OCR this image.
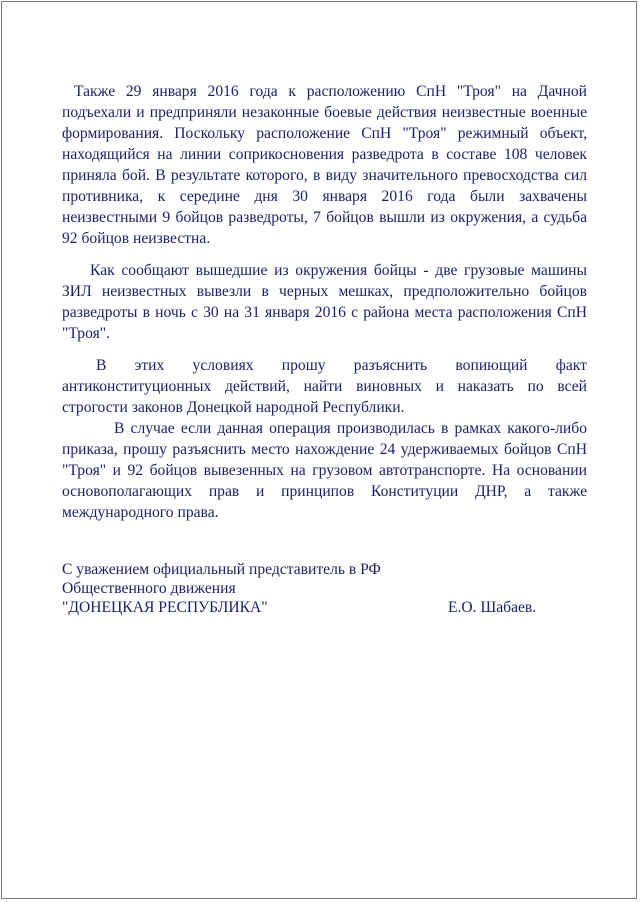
Также 29 января 2016 года к расположению СпН "Троя" на Дачной подъехали и предприняли незаконные боевые действия неизвестные военные формирования. Поскольку расположение СпН "Троя" режимный объект, находящийся на линии соприкосновения разведрота в составе 108 человек приняла бой. В результате которого, в виду значительного превосходства сил противника, к середине дня 30 января 2016 года были захвачены неизвестными 9 бойцов разведроты, 7 бойцов вышли из окружения, а судьба 92 бойцов неизвестна.

Как сообщают вышедшие из окружения бойцы - две грузовые машины ЗИЛ неизвестных вывезли в черных мешках, предположительно бойцов разведроты в ночь с 30 на 31 января 2016 с района места расположения СпН "Троя".

В этих условиях прошу разъяснить вопиющий факт антиконституционных действий, найти виновных и наказать по всей строгости законов Донецкой народной Республики.

В случае если данная операция производилась в рамках какого-либо приказа, прошу разъяснить место нахождение 24 удерживаемых бойцов СпН "Троя" и 92 бойцов вывезенных на грузовом автотранспорте. На основании основополагающих прав и принципов Конституции ДНР, а также международного права.

С уважением официальный представитель в РФ
Общественного движения
"ДОНЕЦКАЯ РЕСПУБЛИКА"	Е.О. Шабаев.
